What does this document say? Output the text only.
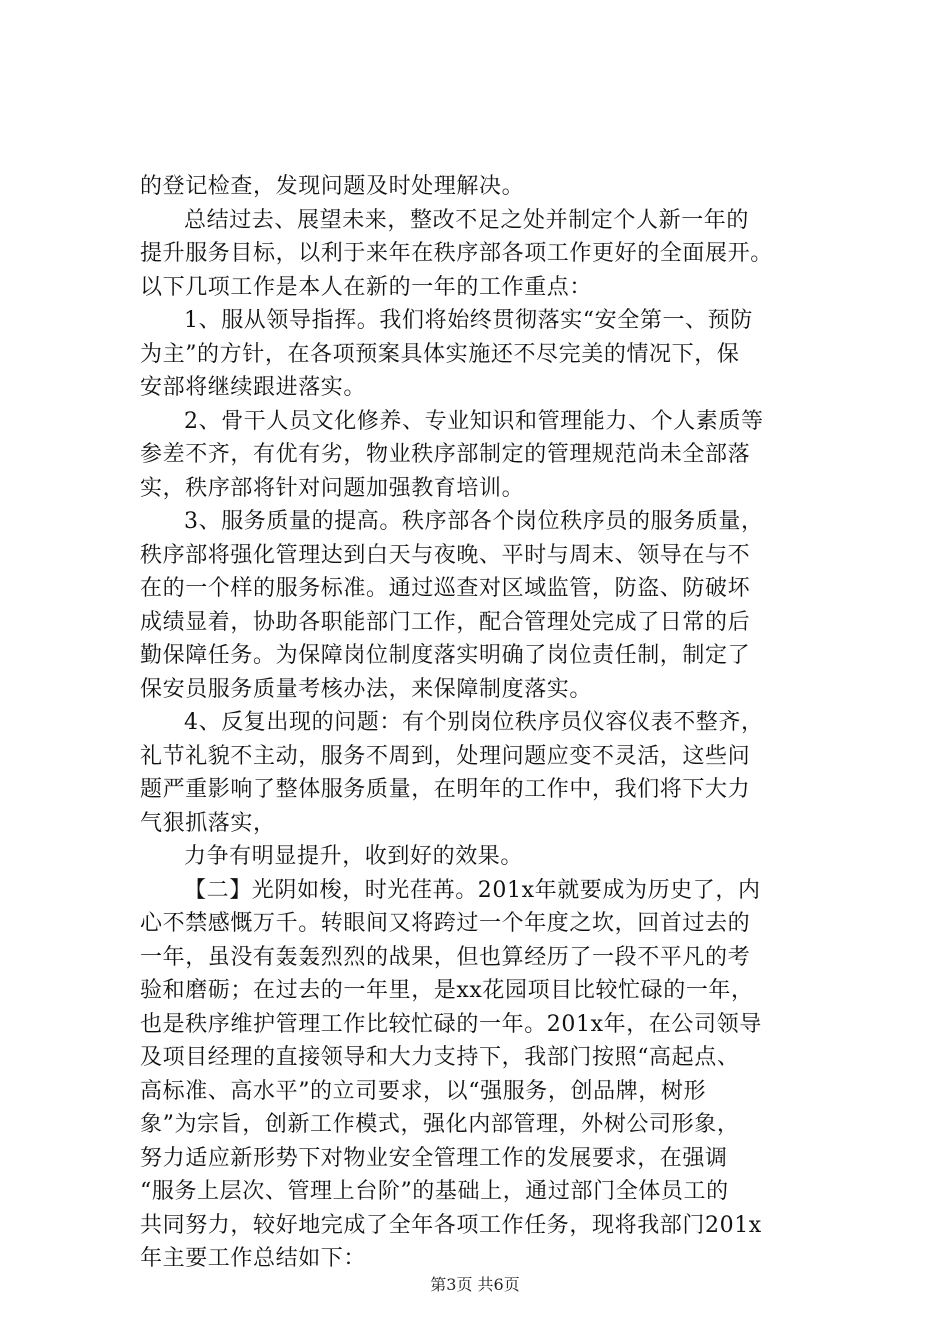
的登记检查，发现问题及时处理解决。
总结过去、展望未来，整改不足之处并制定个人新一年的
提升服务目标，以利于来年在秩序部各项工作更好的全面展开。
以下几项工作是本人在新的一年的工作重点：
1、服从领导指挥。我们将始终贯彻落实“安全第一、预防
为主”的方针，在各项预案具体实施还不尽完美的情况下，保
安部将继续跟进落实。
2、骨干人员文化修养、专业知识和管理能力、个人素质等
参差不齐，有优有劣，物业秩序部制定的管理规范尚未全部落
实，秩序部将针对问题加强教育培训。
3、服务质量的提高。秩序部各个岗位秩序员的服务质量，
秩序部将强化管理达到白天与夜晚、平时与周末、领导在与不
在的一个样的服务标准。通过巡查对区域监管，防盗、防破坏
成绩显着，协助各职能部门工作，配合管理处完成了日常的后
勤保障任务。为保障岗位制度落实明确了岗位责任制，制定了
保安员服务质量考核办法，来保障制度落实。
4、反复出现的问题：有个别岗位秩序员仪容仪表不整齐，
礼节礼貌不主动，服务不周到，处理问题应变不灵活，这些问
题严重影响了整体服务质量，在明年的工作中，我们将下大力
气狠抓落实，
力争有明显提升，收到好的效果。
【二】光阴如梭，时光荏苒。201x年就要成为历史了，内
心不禁感慨万千。转眼间又将跨过一个年度之坎，回首过去的
一年，虽没有轰轰烈烈的战果，但也算经历了一段不平凡的考
验和磨砺；在过去的一年里，是xx花园项目比较忙碌的一年，
也是秩序维护管理工作比较忙碌的一年。201x年，在公司领导
及项目经理的直接领导和大力支持下，我部门按照“高起点、
高标准、高水平”的立司要求，以“强服务，创品牌，树形
象”为宗旨，创新工作模式，强化内部管理，外树公司形象，
努力适应新形势下对物业安全管理工作的发展要求，在强调
“服务上层次、管理上台阶”的基础上，通过部门全体员工的
共同努力，较好地完成了全年各项工作任务，现将我部门201x
年主要工作总结如下：
第3页 共6页
